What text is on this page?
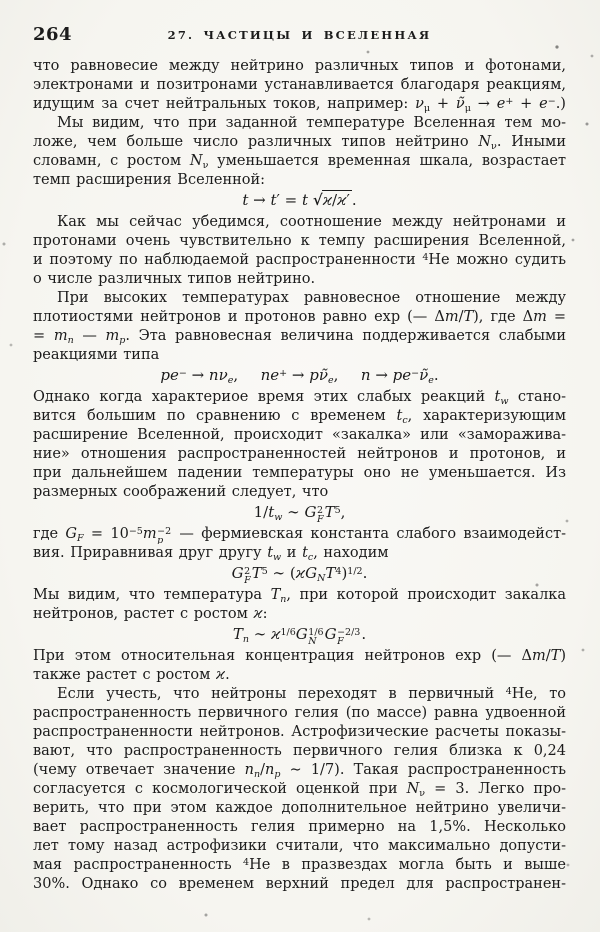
264	27. ЧАСТИЦЫ И ВСЕЛЕННАЯ
что равновесие между нейтрино различных типов и фотонами,
электронами и позитронами устанавливается благодаря реакциям,
идущим за счет нейтральных токов, например: $\nu_\mu$ + $\nũ_\mu \to e^+ + e^-$.)
Мы видим, что при заданной температуре Вселенная тем мо-
ложе, чем больше число различных типов нейтрино $N_\nu$. Иными
словамн, с ростом $N_\nu$ уменьшается временная шкала, возрастает
темп расширения Вселенной:
t → t′ = t √ϰ/ϰ′ .
Как мы сейчас убедимся, соотношение между нейтронами и
протонами очень чувствительно к темпу расширения Вселенной,
и поэтому по наблюдаемой распространенности $^4$He можно судить
о числе различных типов нейтрино.
При высоких температурах равновесное отношение между
плотиостями нейтронов и протонов равно exp (— Δm/T), где Δm =
= $m_n$ — $m_p$. Эта равновесная величина поддерживается слабыми
реакциями типа
$pe^- \to n\nu_e$,  $ne^+ \to p\nũ_e$,  $n \to pe^-\nũ_e$.
Однако когда характериое время этих слабых реакций $t_w$ стано-
вится большим по сравнению с временем $t_c$, характеризующим
расширение Вселенной, происходит «закалка» или «заморажива-
ние» отношения распространенностей нейтронов и протонов, и
при дальнейшем падении температуры оно не уменьшается. Из
размерных соображений следует, что
$1/t_w$ ∼ G 2
F $T^5$,
где $G_F = 10^{-5}m -2$
p — фермиевская константа слабого взаимодейст-
вия. Приравнивая друг другу $t_w$ и $t_c$, находим
G 2
F $T^5$ ∼ $(ϰG_NT^4)^{1/2}$.
Мы видим, что температура $T_n$, при которой происходит закалка
нейтронов, растет с ростом ϰ:
$T_n$ ∼ $ϰ^{1/6}G$ 1/6
N G −2/3
F	.
При этом относительная концентрация нейтронов exp (— Δm/T)
также растет с ростом ϰ.
Если учесть, что нейтроны переходят в первичный $^4$He, то
распространенность первичного гелия (по массе) равна удвоенной
распространенности нейтронов. Астрофизические расчеты показы-
вают, что распространенность первичного гелия близка к 0,24
(чему отвечает значение $n_n/n_p$ ∼ 1/7). Такая распространенность
согласуется с космологической оценкой при $N_\nu = 3$. Легко про-
верить, что при этом каждое дополнительное нейтрино увеличи-
вает распространенность гелия примерно на 1,5%. Несколько
лет тому назад астрофизики считали, что максимально допусти-
мая распространенность $^4$He в празвездах могла быть и выше
30%. Однако со временем верхний предел для распространен-
